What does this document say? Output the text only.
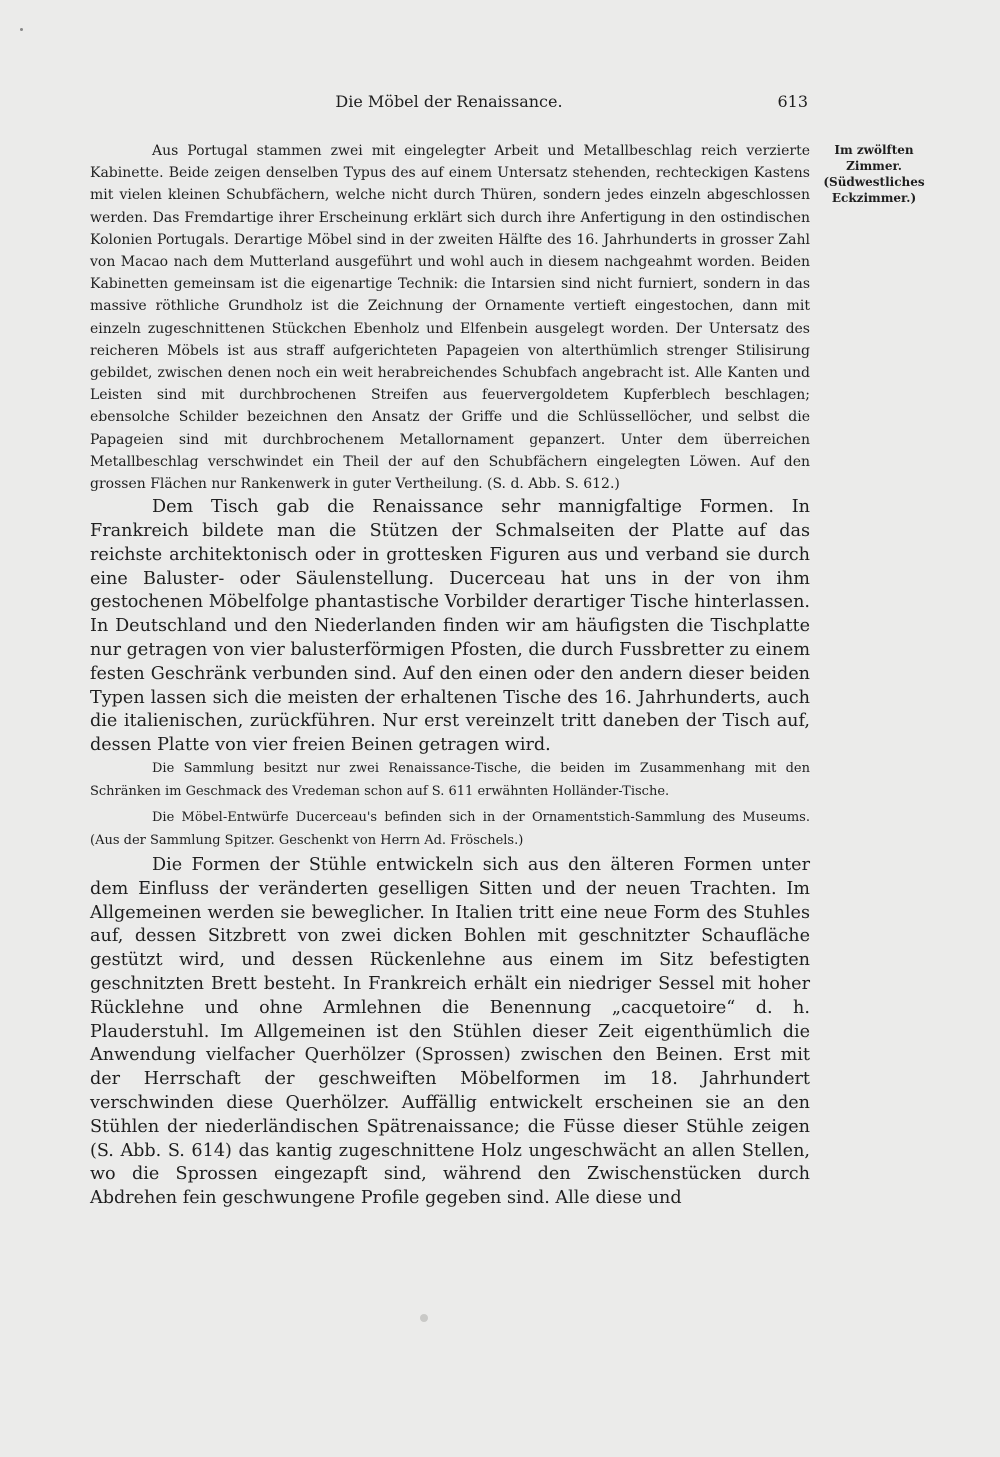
Die Möbel der Renaissance.	613
Im zwölften
Zimmer.
(Südwestliches
Eckzimmer.)

Aus Portugal stammen zwei mit eingelegter Arbeit und Metallbeschlag reich verzierte Kabinette. Beide zeigen denselben Typus des auf einem Untersatz stehenden, rechteckigen Kastens mit vielen kleinen Schubfächern, welche nicht durch Thüren, sondern jedes einzeln abgeschlossen werden. Das Fremdartige ihrer Erscheinung erklärt sich durch ihre Anfertigung in den ostindischen Kolonien Portugals. Derartige Möbel sind in der zweiten Hälfte des 16. Jahrhunderts in grosser Zahl von Macao nach dem Mutterland ausgeführt und wohl auch in diesem nachgeahmt worden. Beiden Kabinetten gemeinsam ist die eigenartige Technik: die Intarsien sind nicht furniert, sondern in das massive röthliche Grundholz ist die Zeichnung der Ornamente vertieft eingestochen, dann mit einzeln zugeschnittenen Stückchen Ebenholz und Elfenbein ausgelegt worden. Der Untersatz des reicheren Möbels ist aus straff aufgerichteten Papageien von alterthümlich strenger Stilisirung gebildet, zwischen denen noch ein weit herabreichendes Schubfach angebracht ist. Alle Kanten und Leisten sind mit durchbrochenen Streifen aus feuervergoldetem Kupferblech beschlagen; ebensolche Schilder bezeichnen den Ansatz der Griffe und die Schlüssellöcher, und selbst die Papageien sind mit durchbrochenem Metallornament gepanzert. Unter dem überreichen Metallbeschlag verschwindet ein Theil der auf den Schubfächern eingelegten Löwen. Auf den grossen Flächen nur Rankenwerk in guter Vertheilung. (S. d. Abb. S. 612.)

Dem Tisch gab die Renaissance sehr mannigfaltige Formen. In Frankreich bildete man die Stützen der Schmalseiten der Platte auf das reichste architektonisch oder in grottesken Figuren aus und verband sie durch eine Baluster- oder Säulenstellung. Ducerceau hat uns in der von ihm gestochenen Möbelfolge phantastische Vorbilder derartiger Tische hinterlassen. In Deutschland und den Niederlanden finden wir am häufigsten die Tischplatte nur getragen von vier balusterförmigen Pfosten, die durch Fussbretter zu einem festen Geschränk verbunden sind. Auf den einen oder den andern dieser beiden Typen lassen sich die meisten der erhaltenen Tische des 16. Jahrhunderts, auch die italienischen, zurückführen. Nur erst vereinzelt tritt daneben der Tisch auf, dessen Platte von vier freien Beinen getragen wird.

Die Sammlung besitzt nur zwei Renaissance-Tische, die beiden im Zusammenhang mit den Schränken im Geschmack des Vredeman schon auf S. 611 erwähnten Holländer-Tische.

Die Möbel-Entwürfe Ducerceau's befinden sich in der Ornamentstich-Sammlung des Museums. (Aus der Sammlung Spitzer. Geschenkt von Herrn Ad. Fröschels.)

Die Formen der Stühle entwickeln sich aus den älteren Formen unter dem Einfluss der veränderten geselligen Sitten und der neuen Trachten. Im Allgemeinen werden sie beweglicher. In Italien tritt eine neue Form des Stuhles auf, dessen Sitzbrett von zwei dicken Bohlen mit geschnitzter Schaufläche gestützt wird, und dessen Rückenlehne aus einem im Sitz befestigten geschnitzten Brett besteht. In Frankreich erhält ein niedriger Sessel mit hoher Rücklehne und ohne Armlehnen die Benennung „cacquetoire“ d. h. Plauderstuhl. Im Allgemeinen ist den Stühlen dieser Zeit eigenthümlich die Anwendung vielfacher Querhölzer (Sprossen) zwischen den Beinen. Erst mit der Herrschaft der geschweiften Möbelformen im 18. Jahrhundert verschwinden diese Querhölzer. Auffällig entwickelt erscheinen sie an den Stühlen der niederländischen Spätrenaissance; die Füsse dieser Stühle zeigen (S. Abb. S. 614) das kantig zugeschnittene Holz ungeschwächt an allen Stellen, wo die Sprossen eingezapft sind, während den Zwischenstücken durch Abdrehen fein geschwungene Profile gegeben sind. Alle diese und
